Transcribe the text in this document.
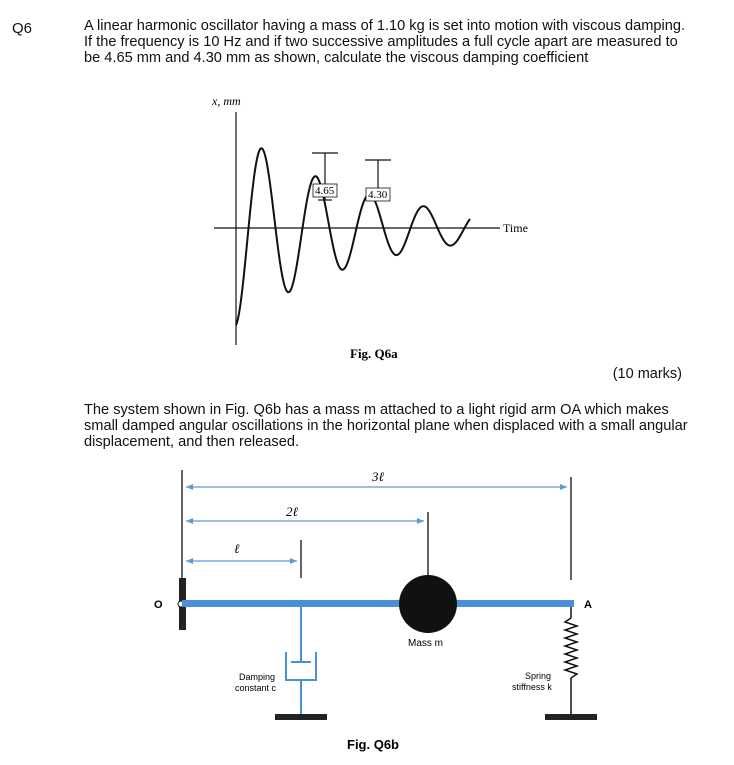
Q6	A linear harmonic oscillator having a mass of 1.10 kg is set into motion with viscous damping. If the frequency is 10 Hz and if two successive amplitudes a full cycle apart are measured to be 4.65 mm and 4.30 mm as shown, calculate the viscous damping coefficient
x, mm
Time
4.65	4.30
Fig. Q6a
(10 marks)
The system shown in Fig. Q6b has a mass m attached to a light rigid arm OA which makes small damped angular oscillations in the horizontal plane when displaced with a small angular displacement, and then released.
3ℓ
2ℓ
ℓ
O	A
Mass m
Damping
constant c
Spring
stiffness k
Fig. Q6b
